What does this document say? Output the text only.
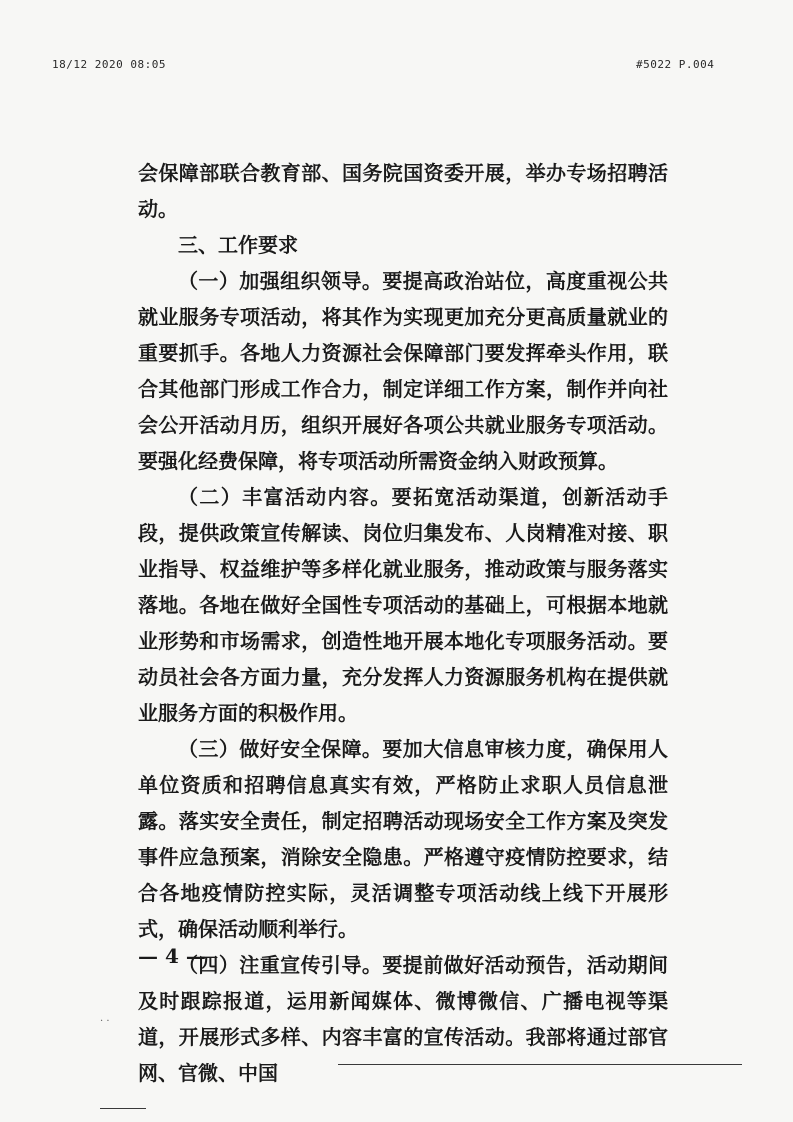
18/12 2020 08:05	#5022 P.004

会保障部联合教育部、国务院国资委开展，举办专场招聘活动。

三、工作要求

（一）加强组织领导。要提高政治站位，高度重视公共就业服务专项活动，将其作为实现更加充分更高质量就业的重要抓手。各地人力资源社会保障部门要发挥牵头作用，联合其他部门形成工作合力，制定详细工作方案，制作并向社会公开活动月历，组织开展好各项公共就业服务专项活动。要强化经费保障，将专项活动所需资金纳入财政预算。

（二）丰富活动内容。要拓宽活动渠道，创新活动手段，提供政策宣传解读、岗位归集发布、人岗精准对接、职业指导、权益维护等多样化就业服务，推动政策与服务落实落地。各地在做好全国性专项活动的基础上，可根据本地就业形势和市场需求，创造性地开展本地化专项服务活动。要动员社会各方面力量，充分发挥人力资源服务机构在提供就业服务方面的积极作用。

（三）做好安全保障。要加大信息审核力度，确保用人单位资质和招聘信息真实有效，严格防止求职人员信息泄露。落实安全责任，制定招聘活动现场安全工作方案及突发事件应急预案，消除安全隐患。严格遵守疫情防控要求，结合各地疫情防控实际，灵活调整专项活动线上线下开展形式，确保活动顺利举行。

（四）注重宣传引导。要提前做好活动预告，活动期间及时跟踪报道，运用新闻媒体、微博微信、广播电视等渠道，开展形式多样、内容丰富的宣传活动。我部将通过部官网、官微、中国

— 4 —
· ·
